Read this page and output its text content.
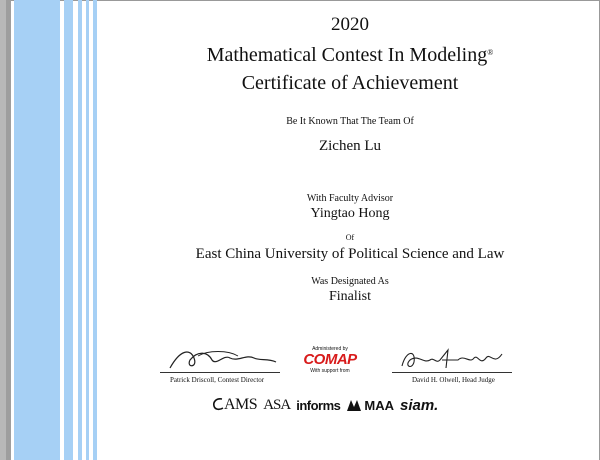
2020
Mathematical Contest In Modeling®
Certificate of Achievement
Be It Known That The Team Of
Zichen Lu
With Faculty Advisor
Yingtao Hong
Of
East China University of Political Science and Law
Was Designated As
Finalist
Patrick Driscoll, Contest Director	David H. Olwell, Head Judge
Administered by
COMAP
With support from
AMS ASA informs MAA siam.
